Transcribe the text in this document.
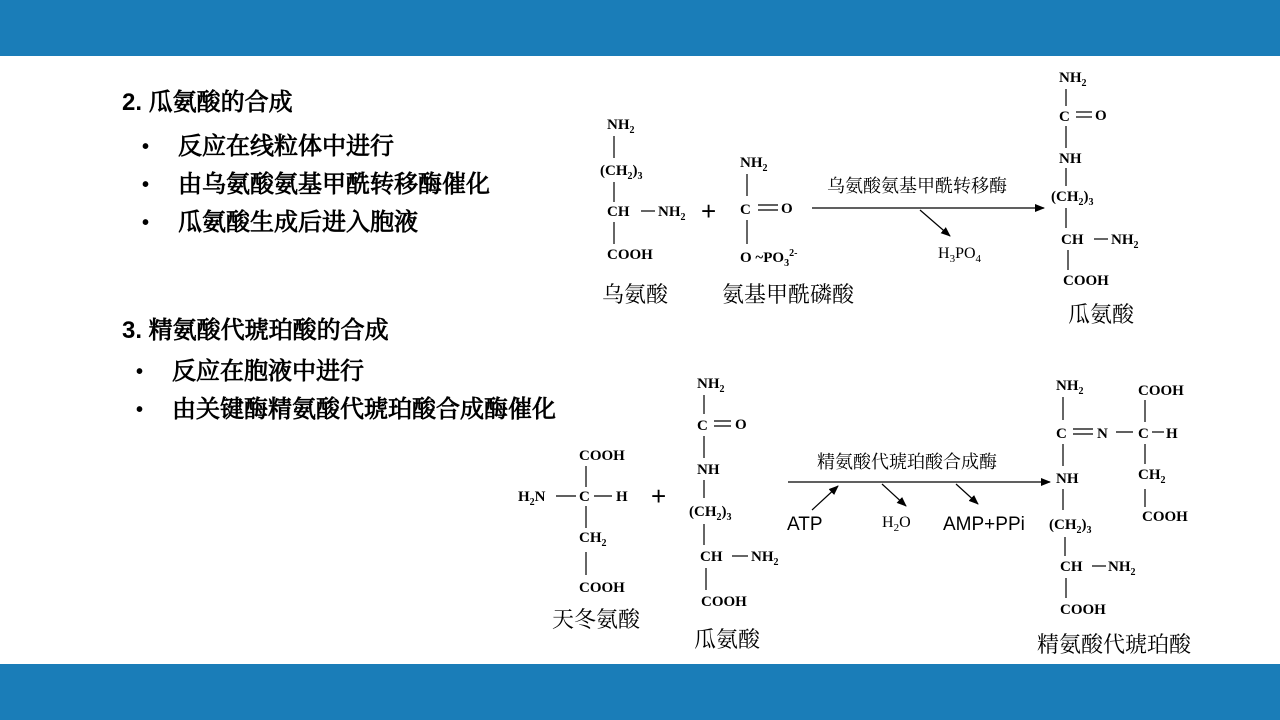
2. 瓜氨酸的合成
• 反应在线粒体中进行
• 由乌氨酸氨基甲酰转移酶催化
• 瓜氨酸生成后进入胞液
3. 精氨酸代琥珀酸的合成
• 反应在胞液中进行
• 由关键酶精氨酸代琥珀酸合成酶催化
$NH_2$
$(CH_2)_3$
CH $NH_2$
COOH
乌氨酸
+
$NH_2$
C O
O $\sim PO_3^{2-}$
氨基甲酰磷酸
乌氨酸氨基甲酰转移酶
$H_3PO_4$
$NH_2$
C O
NH
$(CH_2)_3$
CH $NH_2$
COOH
瓜氨酸
COOH
$H_2N$ C H
$CH_2$
COOH
天冬氨酸
+
$NH_2$
C O
NH
$(CH_2)_3$
CH $NH_2$
COOH
瓜氨酸
精氨酸代琥珀酸合成酶
ATP	$H_2O$ AMP+PPi
$NH_2$
C N C H
COOH
$CH_2$
COOH
NH
$(CH_2)_3$
CH $NH_2$
COOH
精氨酸代琥珀酸
